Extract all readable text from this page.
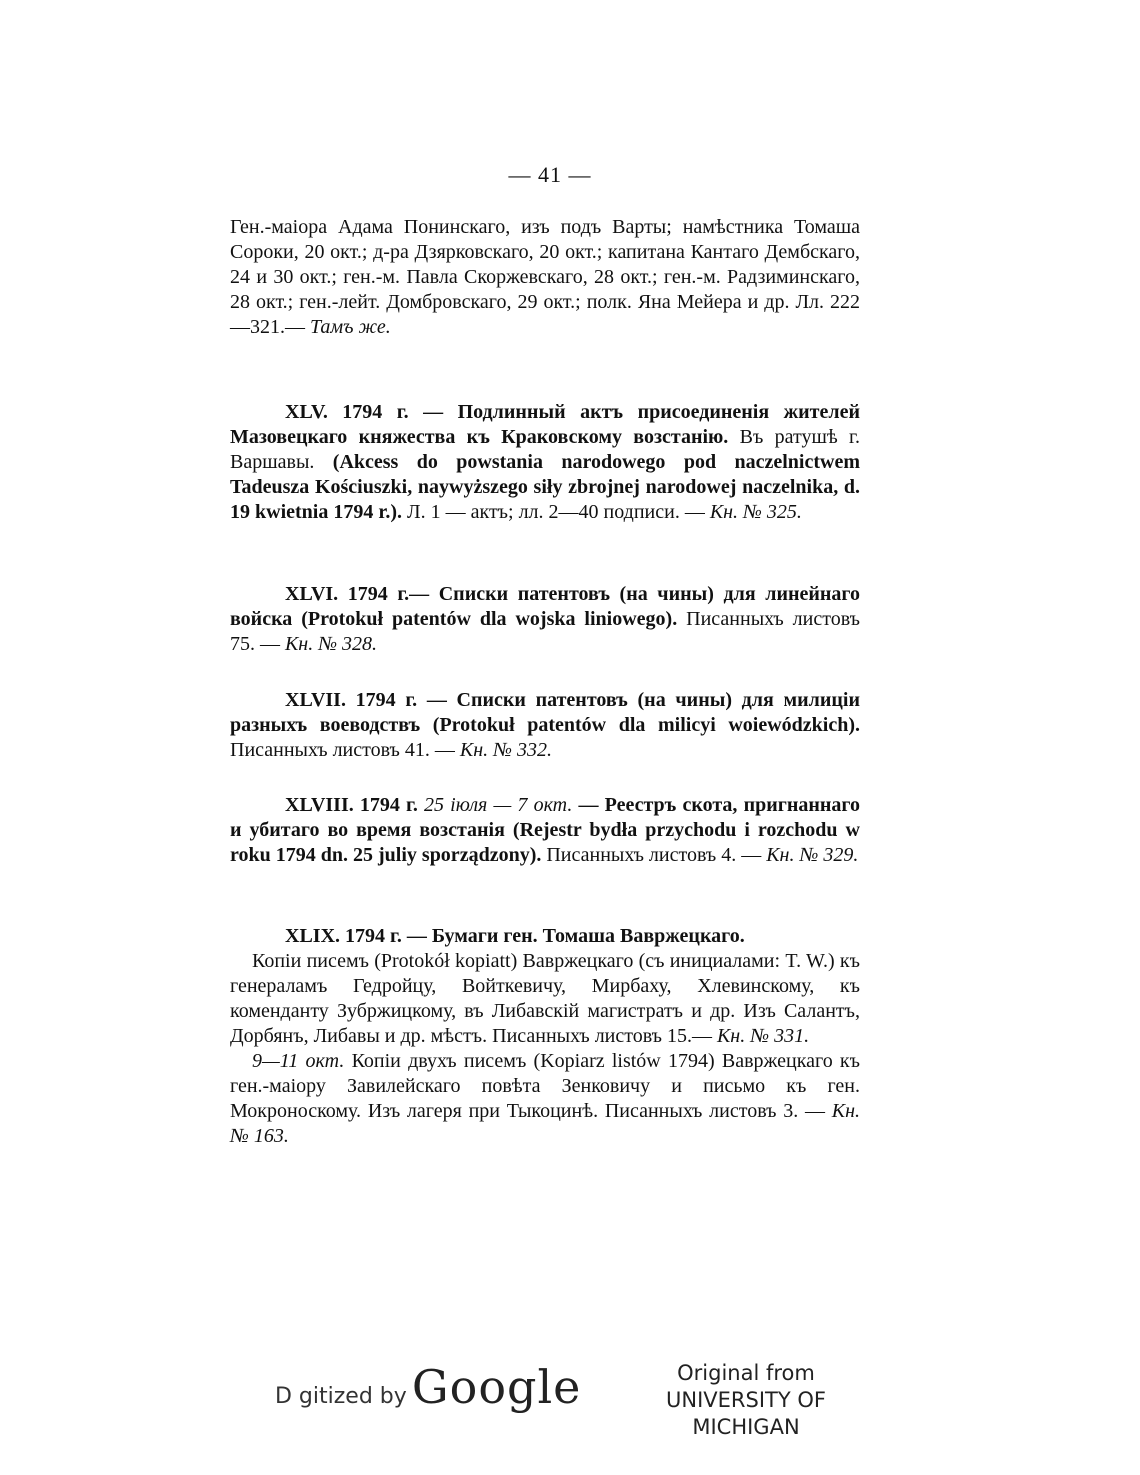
— 41 —
Ген.-маiора Адама Понинскаго, изъ подъ Варты; намѣстника Томаша Сороки, 20 окт.; д-ра Дзярковскаго, 20 окт.; капитана Кантаго Дембскаго, 24 и 30 окт.; ген.-м. Павла Скоржевскаго, 28 окт.; ген.-м. Радзиминскаго, 28 окт.; ген.-лейт. Домбровскаго, 29 окт.; полк. Яна Мейера и др. Лл. 222—321.— Тамъ же.

XLV. 1794 г. — Подлинный актъ присоединенія жителей Мазовецкаго княжества къ Краковскому возстанію. Въ ратушѣ г. Варшавы. (Akcess do powstania narodowego pod naczelnictwem Tadeusza Kościuszki, naywyższego siły zbrojnej narodowej naczelnika, d. 19 kwietnia 1794 r.). Л. 1 — актъ; лл. 2—40 подписи. — Кн. № 325.

XLVI. 1794 г.— Списки патентовъ (на чины) для линейнаго войска (Protokuł patentów dla wojska liniowego). Писанныхъ листовъ 75. — Кн. № 328.

XLVII. 1794 г. — Списки патентовъ (на чины) для милиціи разныхъ воеводствъ (Protokuł patentów dla milicyi woiewódzkich). Писанныхъ листовъ 41. — Кн. № 332.

XLVIII. 1794 г. 25 іюля — 7 окт. — Реестръ скота, пригнаннаго и убитаго во время возстанія (Rejestr bydła przychodu i rozchodu w roku 1794 dn. 25 juliy sporządzony). Писанныхъ листовъ 4. — Кн. № 329.

XLIX. 1794 г. — Бумаги ген. Томаша Вавржецкаго.

Копіи писемъ (Protokół kopiatt) Вавржецкаго (съ инициалами: T. W.) къ генераламъ Гедройцу, Войткевичу, Мирбаху, Хлевинскому, къ коменданту Зубржицкому, въ Либавскій магистратъ и др. Изъ Салантъ, Дорбянъ, Либавы и др. мѣстъ. Писанныхъ листовъ 15.— Кн. № 331.

9—11 окт. Копіи двухъ писемъ (Kopiarz listów 1794) Вавржецкаго къ ген.-маiору Завилейскаго повѣта Зенковичу и письмо къ ген. Мокроноскому. Изъ лагеря при Тыкоцинѣ. Писанныхъ листовъ 3. — Кн. № 163.

D gitized by Google	Original from
UNIVERSITY OF MICHIGAN
